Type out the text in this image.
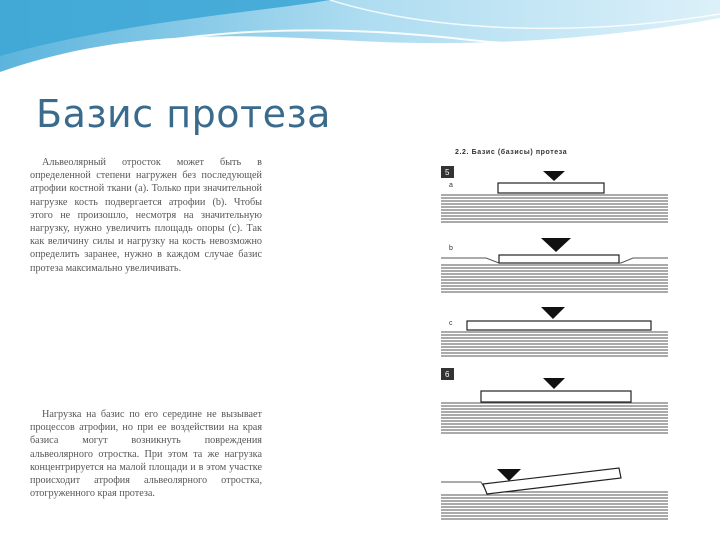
Базис протеза

Альвеолярный отросток может быть в определенной степени нагружен без последующей атрофии костной ткани (а). Только при значительной нагрузке кость подвергается атрофии (b). Чтобы этого не произошло, несмотря на значительную нагрузку, нужно увеличить площадь опоры (с). Так как величину силы и нагрузку на кость невозможно определить заранее, нужно в каждом случае базис протеза максимально увеличивать.

Нагрузка на базис по его середине не вызывает процессов атрофии, но при ее воздействии на края базиса могут возникнуть повреждения альвеолярного отростка. При этом та же нагрузка концентрируется на малой площади и в этом участке происходит атрофия альвеолярного отростка, отогруженного края протеза.

2.2. Базис (базисы) протеза
5
a
b
c
6
